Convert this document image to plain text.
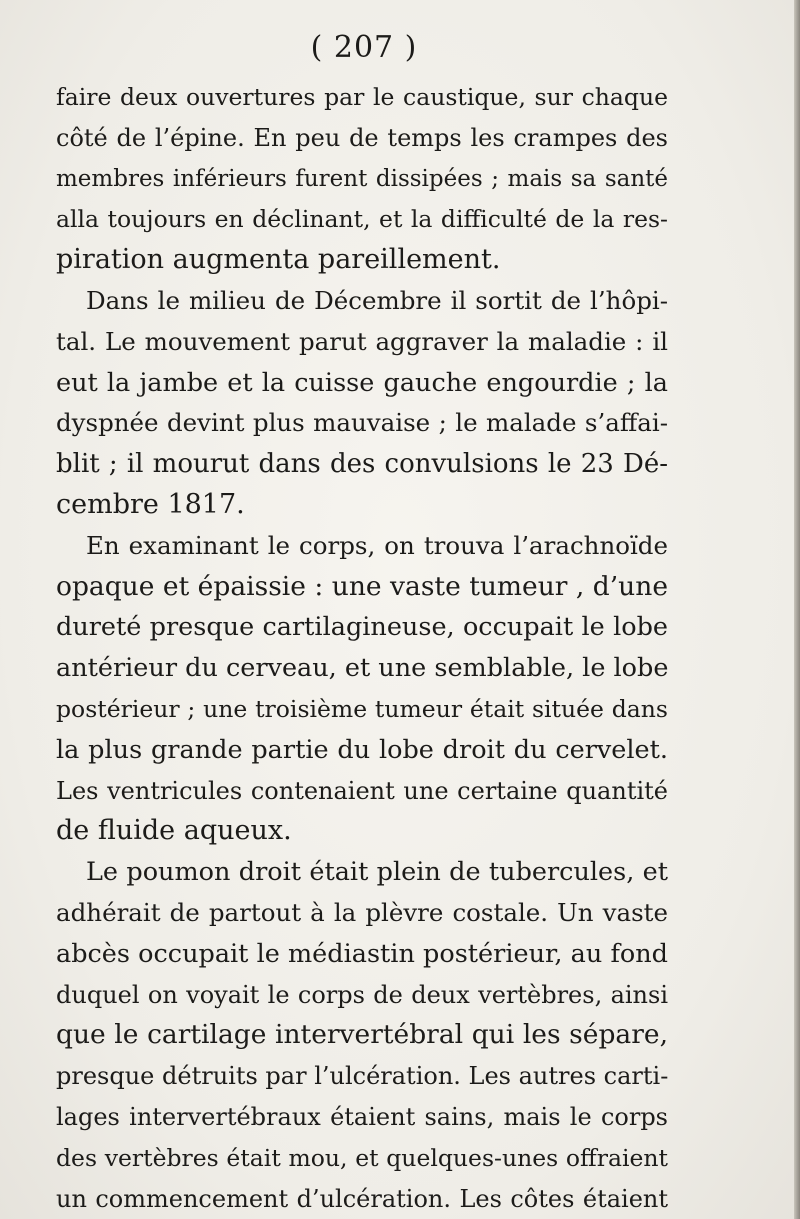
( 207 )
faire deux ouvertures par le caustique, sur chaque
côté de l’épine. En peu de temps les crampes des
membres inférieurs furent dissipées ; mais sa santé
alla toujours en déclinant, et la difficulté de la res-
piration augmenta pareillement.
Dans le milieu de Décembre il sortit de l’hôpi-
tal. Le mouvement parut aggraver la maladie : il
eut la jambe et la cuisse gauche engourdie ; la
dyspnée devint plus mauvaise ; le malade s’affai-
blit ; il mourut dans des convulsions le 23 Dé-
cembre 1817.
En examinant le corps, on trouva l’arachnoïde
opaque et épaissie : une vaste tumeur , d’une
dureté presque cartilagineuse, occupait le lobe
antérieur du cerveau, et une semblable, le lobe
postérieur ; une troisième tumeur était située dans
la plus grande partie du lobe droit du cervelet.
Les ventricules contenaient une certaine quantité
de fluide aqueux.
Le poumon droit était plein de tubercules, et
adhérait de partout à la plèvre costale. Un vaste
abcès occupait le médiastin postérieur, au fond
duquel on voyait le corps de deux vertèbres, ainsi
que le cartilage intervertébral qui les sépare,
presque détruits par l’ulcération. Les autres carti-
lages intervertébraux étaient sains, mais le corps
des vertèbres était mou, et quelques-unes offraient
un commencement d’ulcération. Les côtes étaient
